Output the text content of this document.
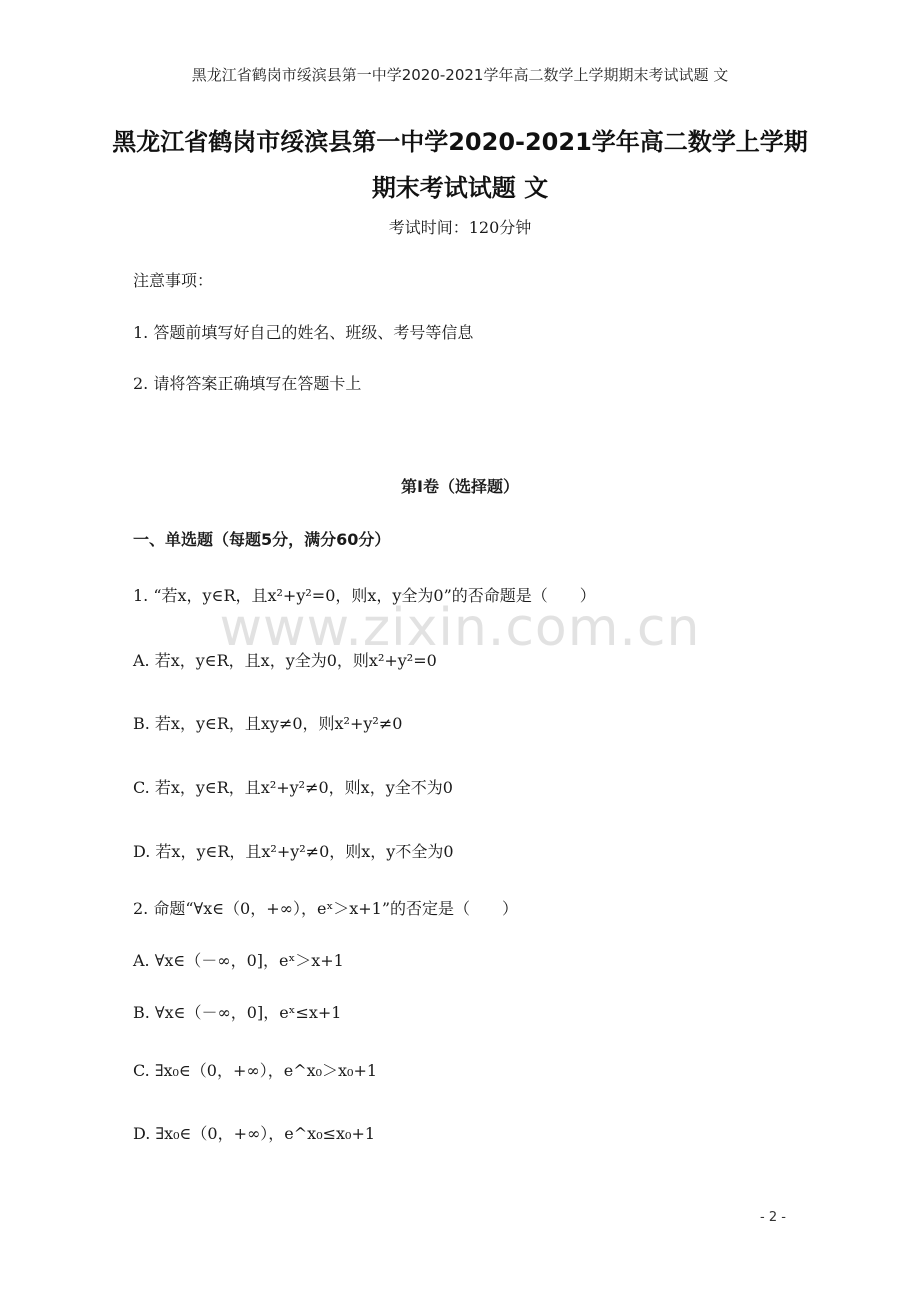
黑龙江省鹤岗市绥滨县第一中学2020-2021学年高二数学上学期期末考试试题 文
黑龙江省鹤岗市绥滨县第一中学2020-2021学年高二数学上学期
期末考试试题 文
考试时间：120分钟
注意事项：
1. 答题前填写好自己的姓名、班级、考号等信息
2. 请将答案正确填写在答题卡上
第Ⅰ卷（选择题）
一、单选题（每题5分，满分60分）
www.zixin.com.cn
1. “若x，y∈R，且x²+y²=0，则x，y全为0”的否命题是（　　）
A. 若x，y∈R，且x，y全为0，则x²+y²=0
B. 若x，y∈R，且xy≠0，则x²+y²≠0
C. 若x，y∈R，且x²+y²≠0，则x，y全不为0
D. 若x，y∈R，且x²+y²≠0，则x，y不全为0
2. 命题“∀x∈（0，+∞），eˣ＞x+1”的否定是（　　）
A. ∀x∈（－∞，0]，eˣ＞x+1
B. ∀x∈（－∞，0]，eˣ≤x+1
C. ∃x₀∈（0，+∞），e^x₀＞x₀+1
D. ∃x₀∈（0，+∞），e^x₀≤x₀+1
- 2 -
